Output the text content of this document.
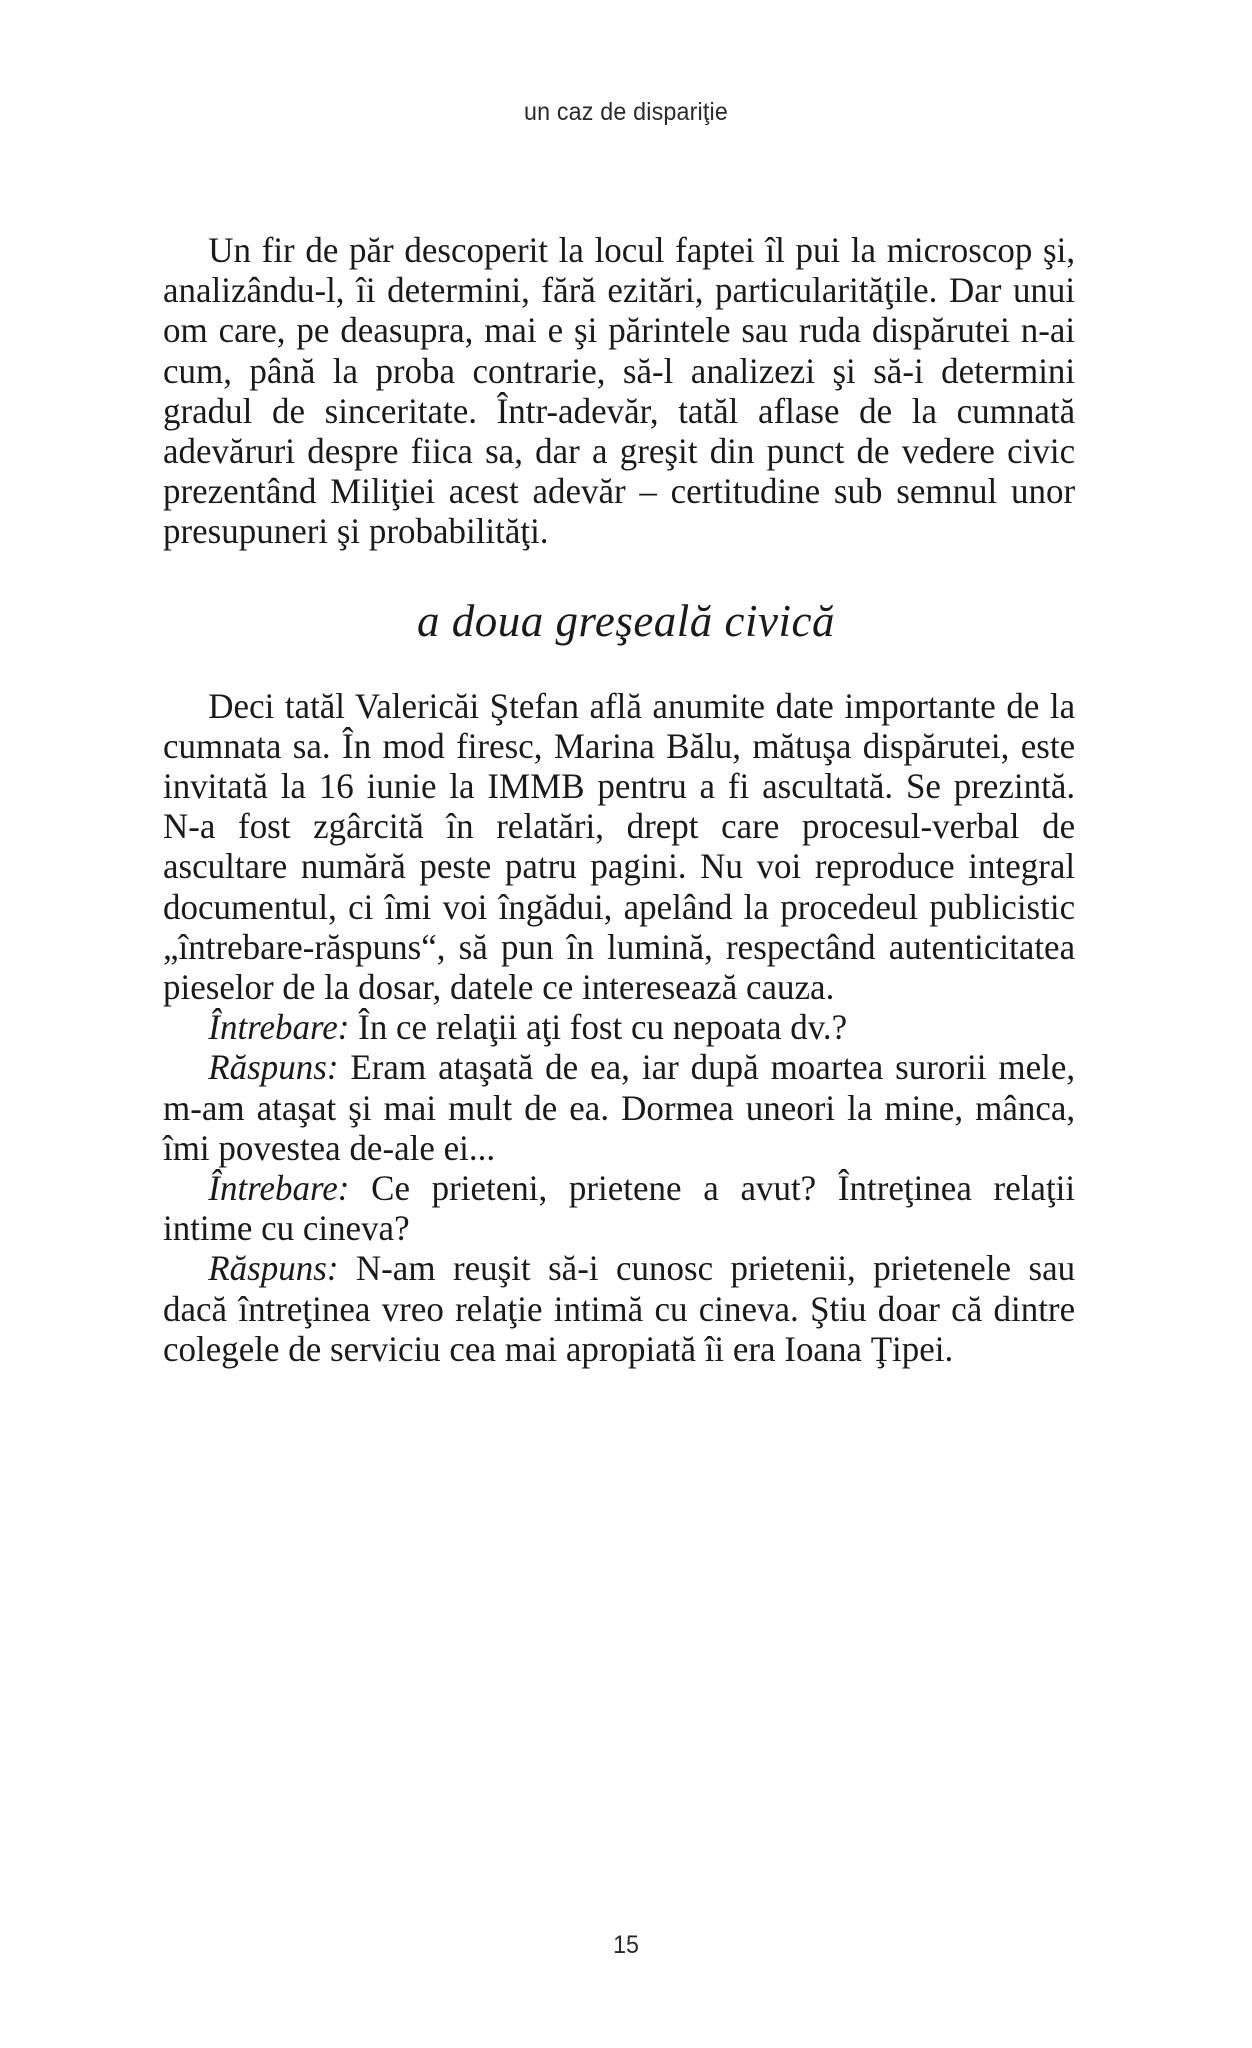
un caz de dispariţie

Un fir de păr descoperit la locul faptei îl pui la microscop şi, analizându-l, îi determini, fără ezitări, particularităţile. Dar unui om care, pe deasupra, mai e şi părintele sau ruda dispărutei n-ai cum, până la proba contrarie, să-l analizezi şi să-i determini gradul de sinceritate. Într-adevăr, tatăl aflase de la cumnată adevăruri despre fiica sa, dar a greşit din punct de vedere civic prezentând Miliţiei acest adevăr – certitudine sub semnul unor presupuneri şi probabilităţi.

a doua greşeală civică

Deci tatăl Valericăi Ştefan află anumite date importante de la cumnata sa. În mod firesc, Marina Bălu, mătuşa dispărutei, este invitată la 16 iunie la IMMB pentru a fi ascultată. Se prezintă. N-a fost zgârcită în relatări, drept care procesul-verbal de ascultare numără peste patru pagini. Nu voi reproduce integral documentul, ci îmi voi îngădui, apelând la procedeul publicistic „întrebare-răspuns“, să pun în lumină, respectând autenticitatea pieselor de la dosar, datele ce interesează cauza.

Întrebare: În ce relaţii aţi fost cu nepoata dv.?

Răspuns: Eram ataşată de ea, iar după moartea surorii mele, m-am ataşat şi mai mult de ea. Dormea uneori la mine, mânca, îmi povestea de-ale ei...

Întrebare: Ce prieteni, prietene a avut? Întreţinea relaţii intime cu cineva?

Răspuns: N-am reuşit să-i cunosc prietenii, prietenele sau dacă întreţinea vreo relaţie intimă cu cineva. Ştiu doar că dintre colegele de serviciu cea mai apropiată îi era Ioana Ţipei.

15
